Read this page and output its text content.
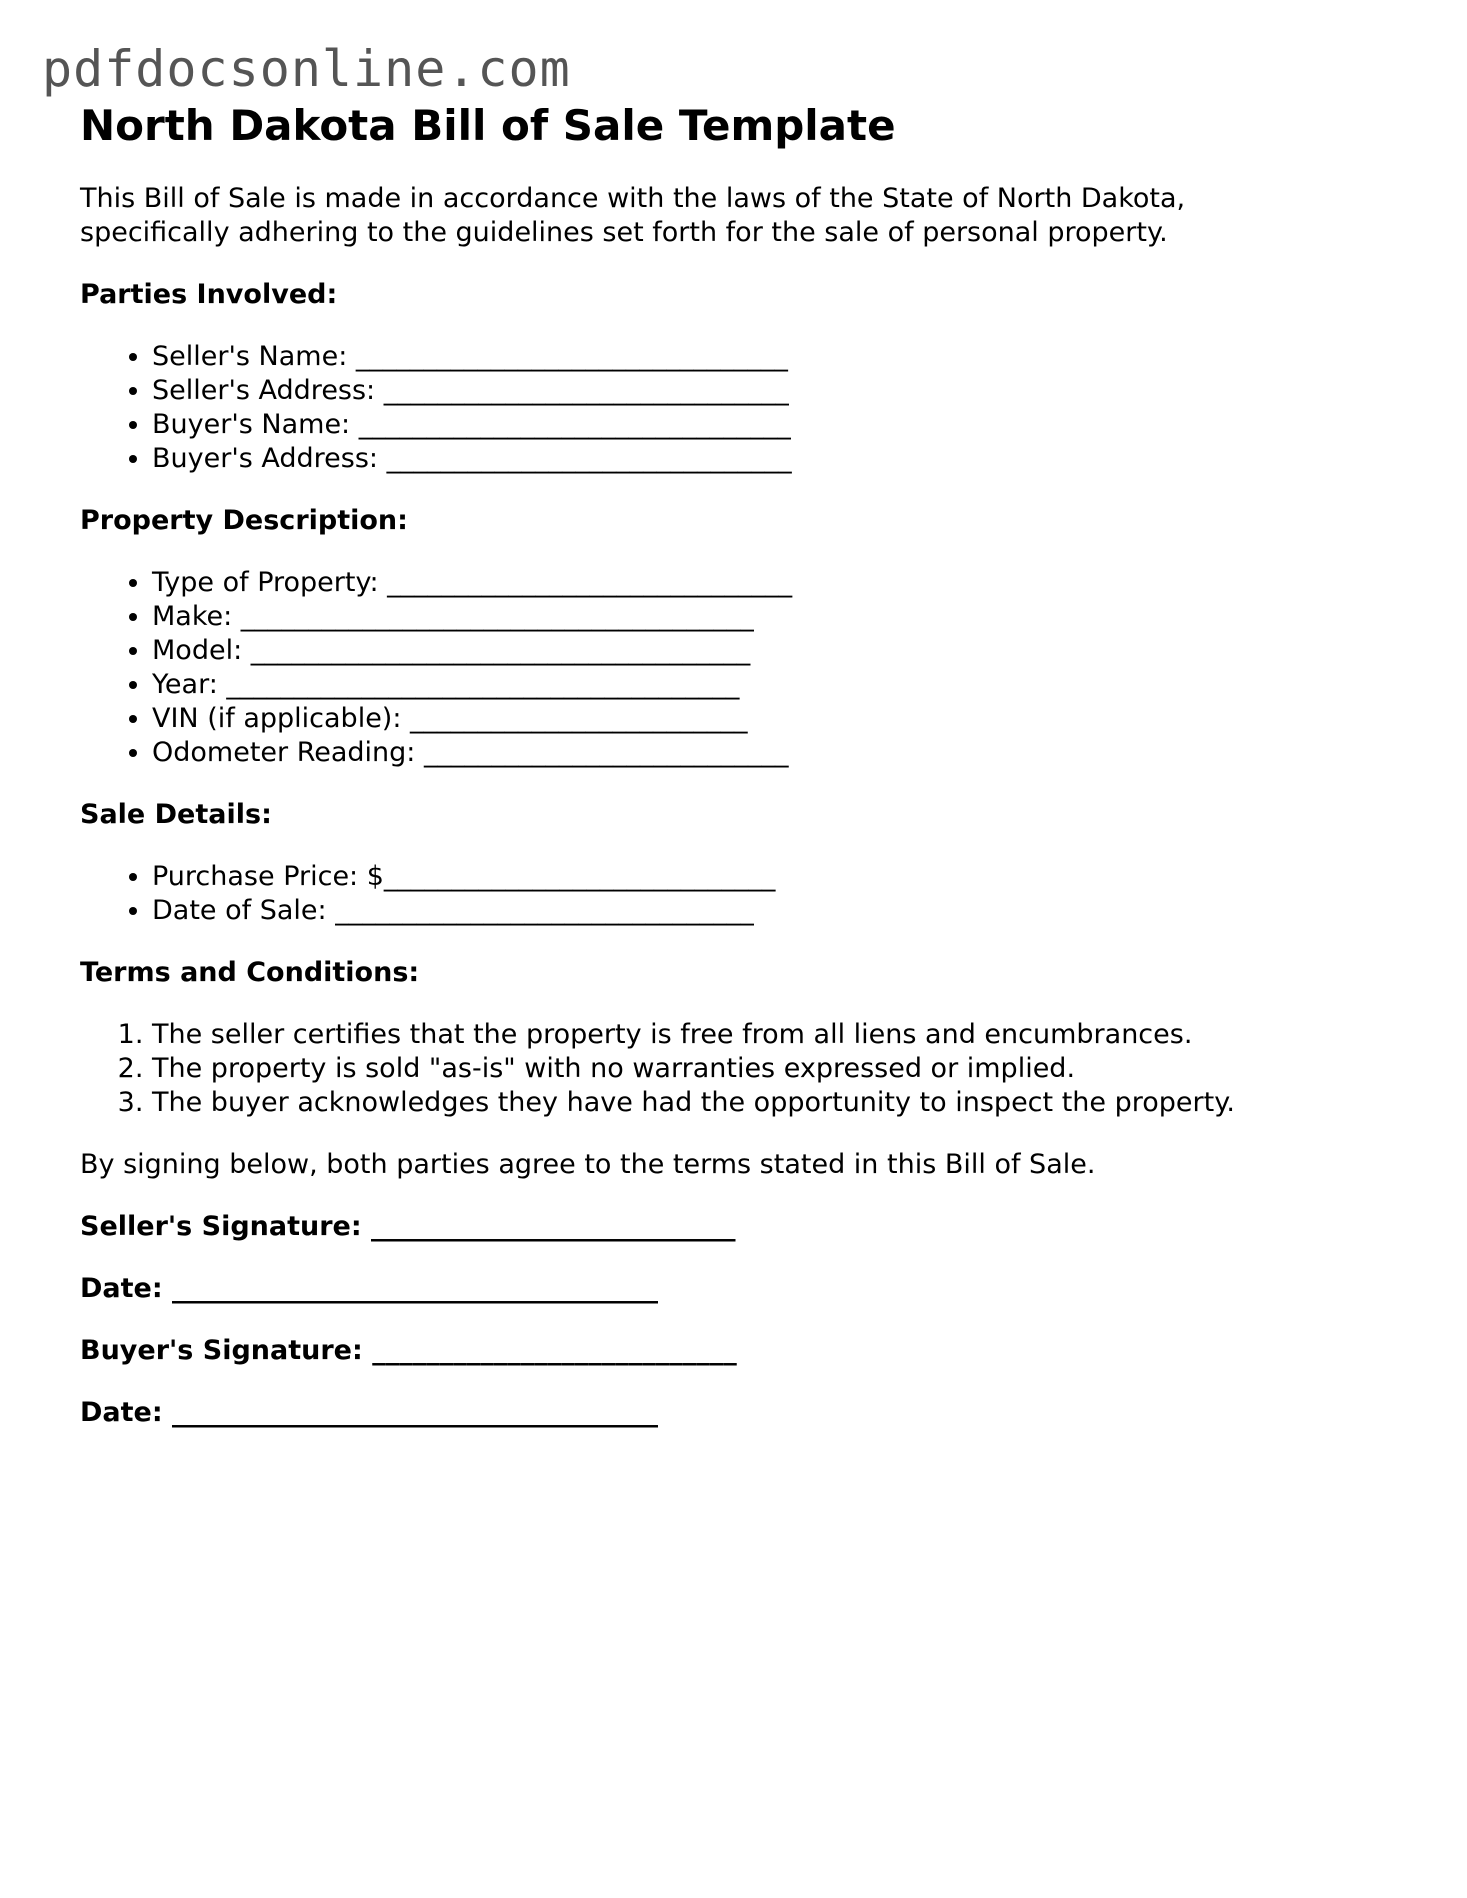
pdfdocsonline.com
North Dakota Bill of Sale Template

This Bill of Sale is made in accordance with the laws of the State of North Dakota,
specifically adhering to the guidelines set forth for the sale of personal property.

Parties Involved:
• Seller's Name: ________________________________
• Seller's Address: ______________________________
• Buyer's Name: ________________________________
• Buyer's Address: ______________________________
Property Description:
• Type of Property: ______________________________
• Make: ______________________________________
• Model: _____________________________________
• Year: ______________________________________
• VIN (if applicable): _________________________
• Odometer Reading: ___________________________
Sale Details:
• Purchase Price: $_____________________________
• Date of Sale: _______________________________
Terms and Conditions:
1. The seller certifies that the property is free from all liens and encumbrances.
2. The property is sold "as-is" with no warranties expressed or implied.
3. The buyer acknowledges they have had the opportunity to inspect the property.

By signing below, both parties agree to the terms stated in this Bill of Sale.

Seller's Signature: ___________________________

Date: ____________________________________

Buyer's Signature: ___________________________

Date: ____________________________________
